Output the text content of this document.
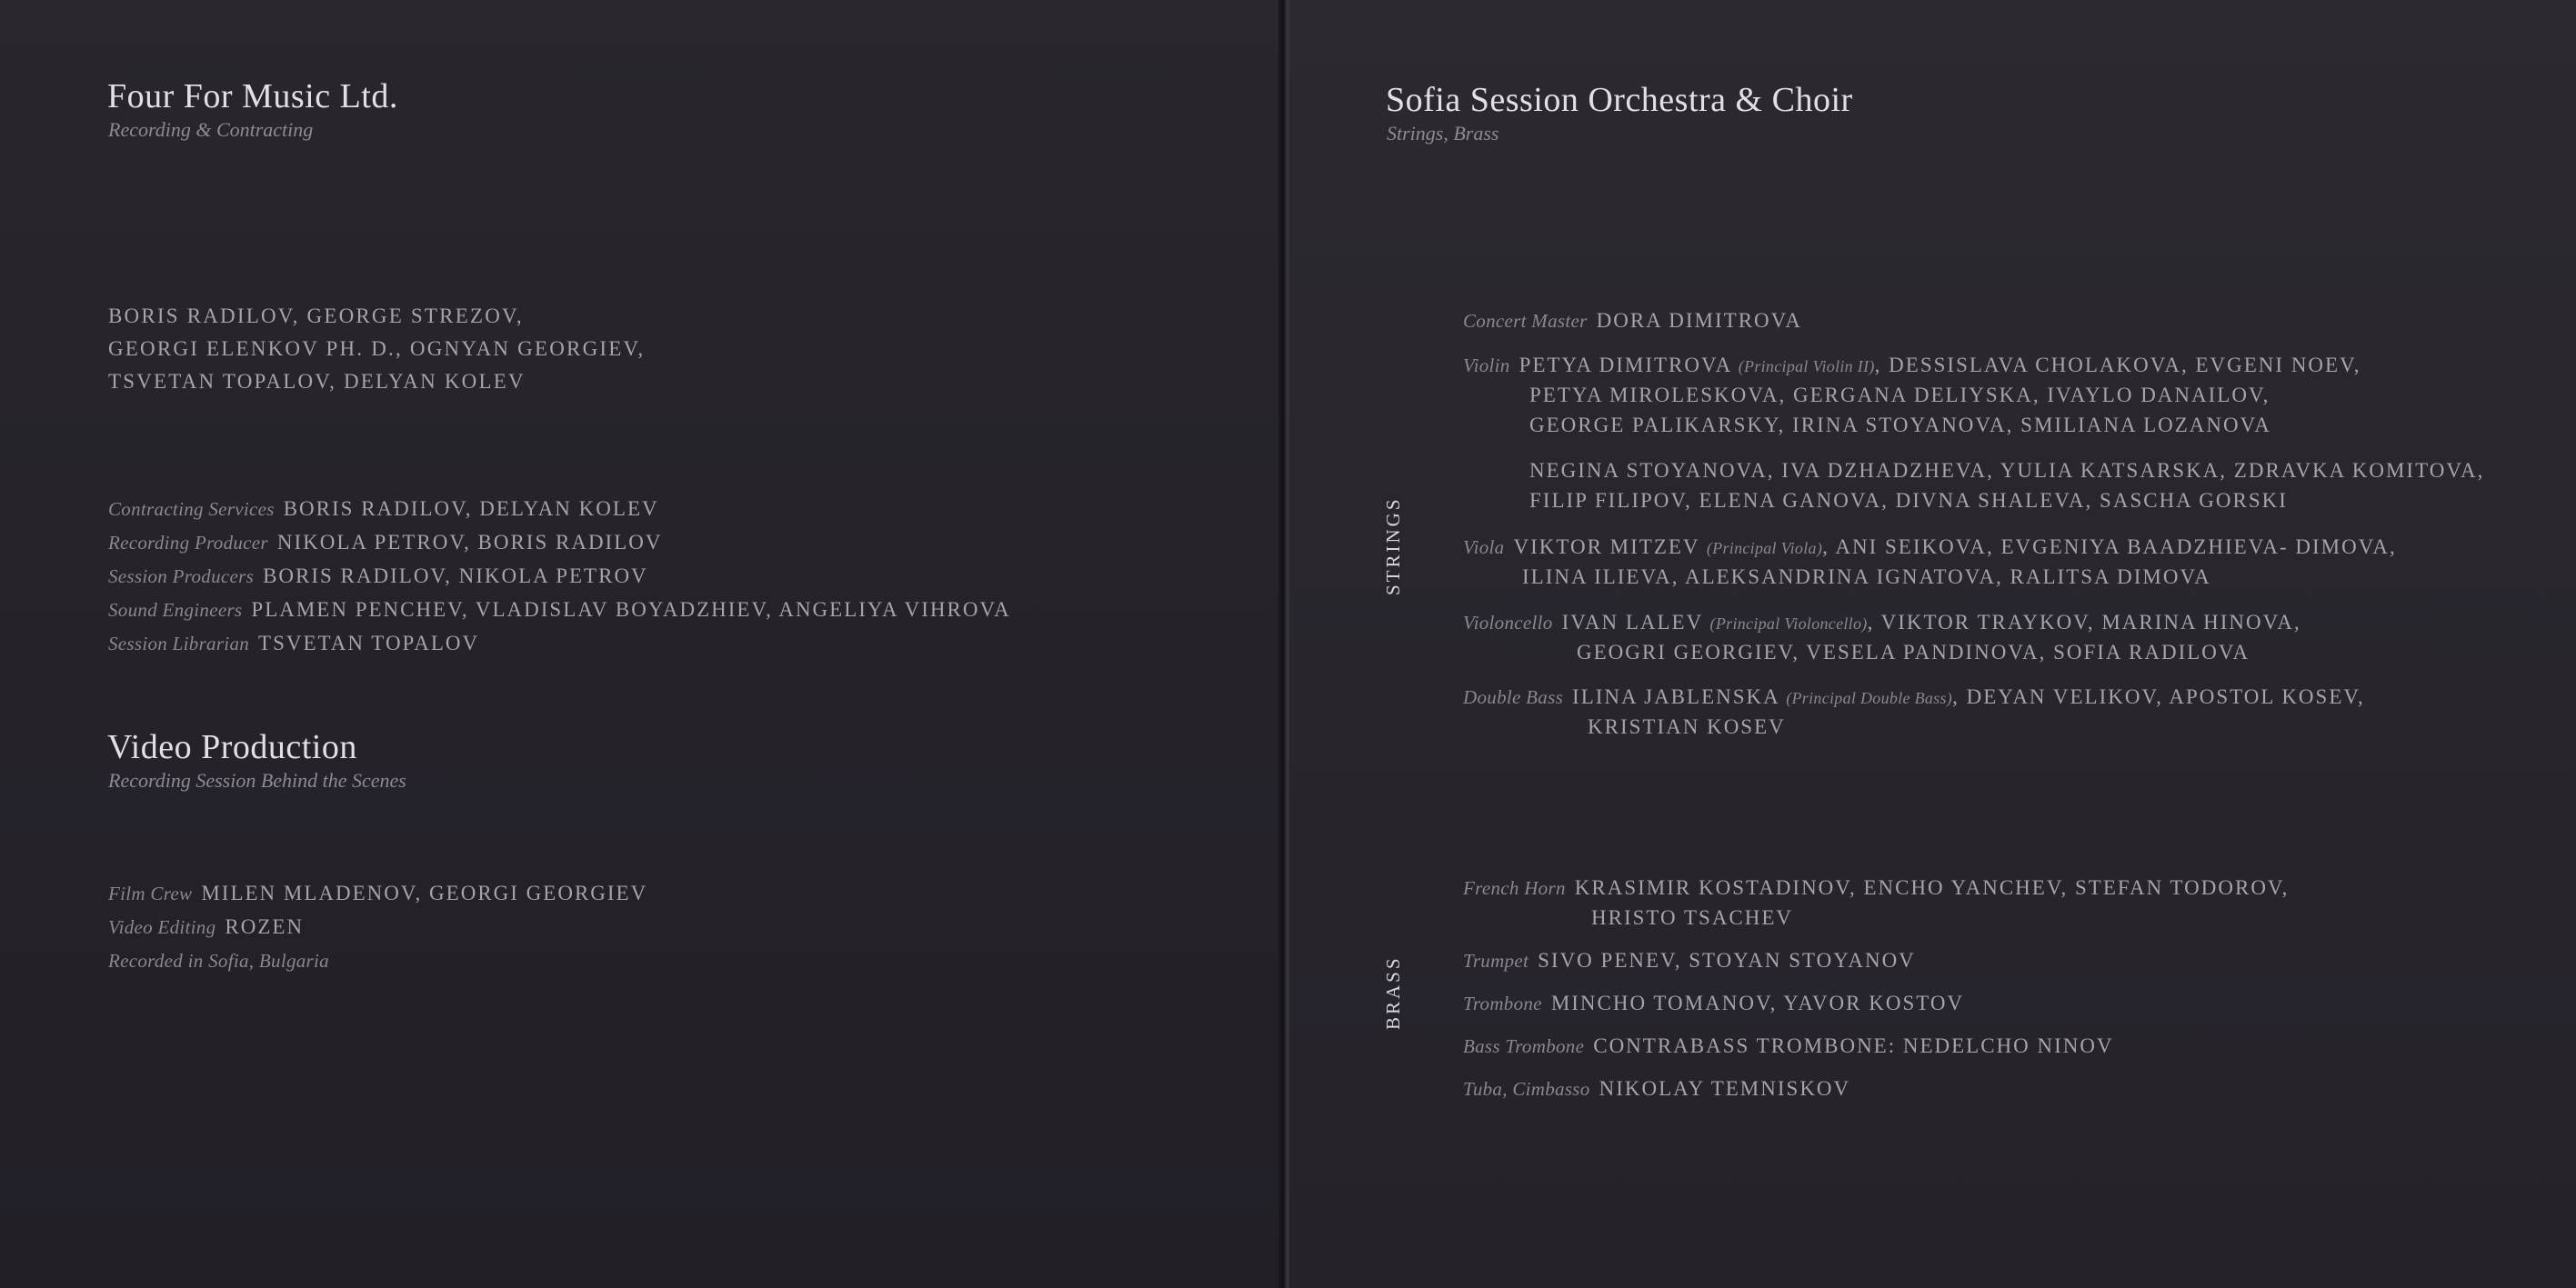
Four For Music Ltd.

Recording & Contracting

BORIS RADILOV, GEORGE STREZOV,
GEORGI ELENKOV PH. D., OGNYAN GEORGIEV,
TSVETAN TOPALOV, DELYAN KOLEV
Contracting Services BORIS RADILOV, DELYAN KOLEV
Recording Producer NIKOLA PETROV, BORIS RADILOV
Session Producers BORIS RADILOV, NIKOLA PETROV
Sound Engineers PLAMEN PENCHEV, VLADISLAV BOYADZHIEV, ANGELIYA VIHROVA
Session Librarian TSVETAN TOPALOV
Video Production

Recording Session Behind the Scenes

Film Crew MILEN MLADENOV, GEORGI GEORGIEV
Video Editing ROZEN
Recorded in Sofia, Bulgaria
Sofia Session Orchestra & Choir

Strings, Brass

STRINGS
BRASS
Concert Master DORA DIMITROVA
Violin PETYA DIMITROVA (Principal Violin II), DESSISLAVA CHOLAKOVA, EVGENI NOEV,
PETYA MIROLESKOVA, GERGANA DELIYSKA, IVAYLO DANAILOV,
GEORGE PALIKARSKY, IRINA STOYANOVA, SMILIANA LOZANOVA
NEGINA STOYANOVA, IVA DZHADZHEVA, YULIA KATSARSKA, ZDRAVKA KOMITOVA,
FILIP FILIPOV, ELENA GANOVA, DIVNA SHALEVA, SASCHA GORSKI
Viola VIKTOR MITZEV (Principal Viola), ANI SEIKOVA, EVGENIYA BAADZHIEVA- DIMOVA,
ILINA ILIEVA, ALEKSANDRINA IGNATOVA, RALITSA DIMOVA
Violoncello IVAN LALEV (Principal Violoncello), VIKTOR TRAYKOV, MARINA HINOVA,
GEOGRI GEORGIEV, VESELA PANDINOVA, SOFIA RADILOVA
Double Bass ILINA JABLENSKA (Principal Double Bass), DEYAN VELIKOV, APOSTOL KOSEV,
KRISTIAN KOSEV
French Horn KRASIMIR KOSTADINOV, ENCHO YANCHEV, STEFAN TODOROV,
HRISTO TSACHEV
Trumpet SIVO PENEV, STOYAN STOYANOV
Trombone MINCHO TOMANOV, YAVOR KOSTOV
Bass Trombone CONTRABASS TROMBONE: NEDELCHO NINOV
Tuba, Cimbasso NIKOLAY TEMNISKOV
